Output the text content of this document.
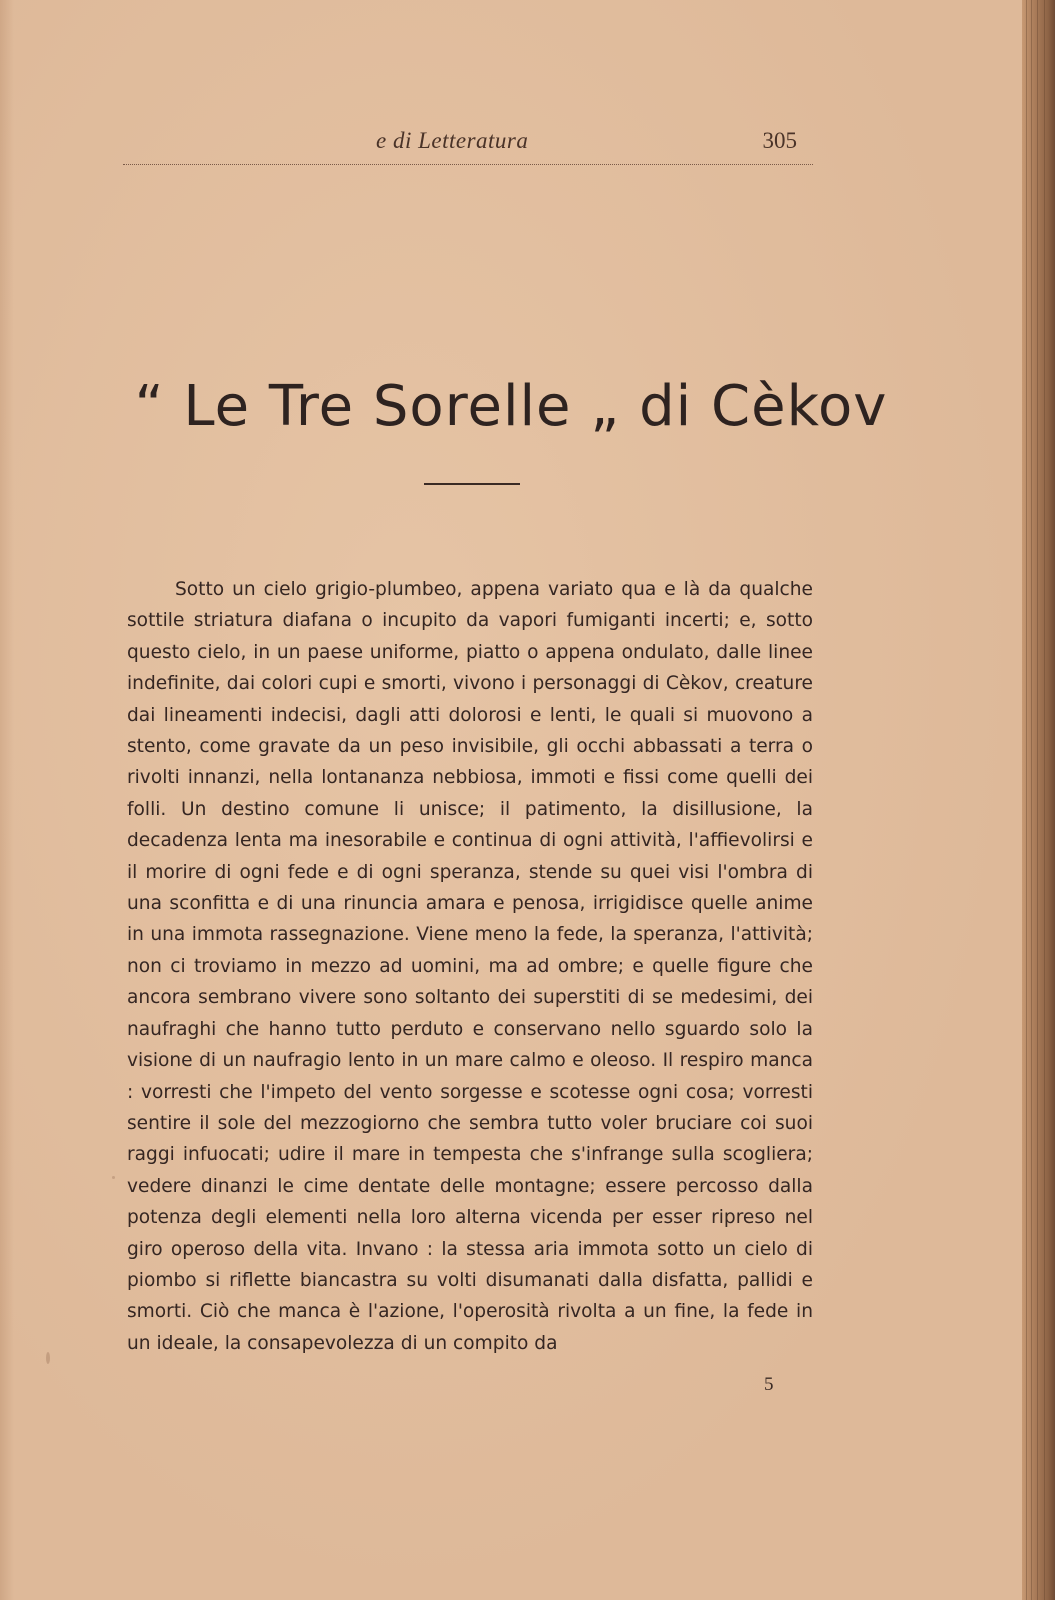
e di Letteratura	305
“ Le Tre Sorelle „ di Cèkov

Sotto un cielo grigio-plumbeo, appena variato qua e là da qualche sottile striatura diafana o incupito da vapori fumiganti incerti; e, sotto questo cielo, in un paese uniforme, piatto o appena ondulato, dalle linee indefinite, dai colori cupi e smorti, vivono i personaggi di Cèkov, creature dai lineamenti indecisi, dagli atti dolorosi e lenti, le quali si muovono a stento, come gravate da un peso invisibile, gli occhi abbassati a terra o rivolti innanzi, nella lontananza nebbiosa, immoti e fissi come quelli dei folli. Un destino comune li unisce; il patimento, la disillusione, la decadenza lenta ma inesorabile e continua di ogni attività, l'affievolirsi e il morire di ogni fede e di ogni speranza, stende su quei visi l'ombra di una sconfitta e di una rinuncia amara e penosa, irrigidisce quelle anime in una immota rassegnazione. Viene meno la fede, la speranza, l'attività; non ci troviamo in mezzo ad uomini, ma ad ombre; e quelle figure che ancora sembrano vivere sono soltanto dei superstiti di se medesimi, dei naufraghi che hanno tutto perduto e conservano nello sguardo solo la visione di un naufragio lento in un mare calmo e oleoso. Il respiro manca : vorresti che l'impeto del vento sorgesse e scotesse ogni cosa; vorresti sentire il sole del mezzogiorno che sembra tutto voler bruciare coi suoi raggi infuocati; udire il mare in tempesta che s'infrange sulla scogliera; vedere dinanzi le cime dentate delle montagne; essere percosso dalla potenza degli elementi nella loro alterna vicenda per esser ripreso nel giro operoso della vita. Invano : la stessa aria immota sotto un cielo di piombo si riflette biancastra su volti disumanati dalla disfatta, pallidi e smorti. Ciò che manca è l'azione, l'operosità rivolta a un fine, la fede in un ideale, la consapevolezza di un compito da

5
